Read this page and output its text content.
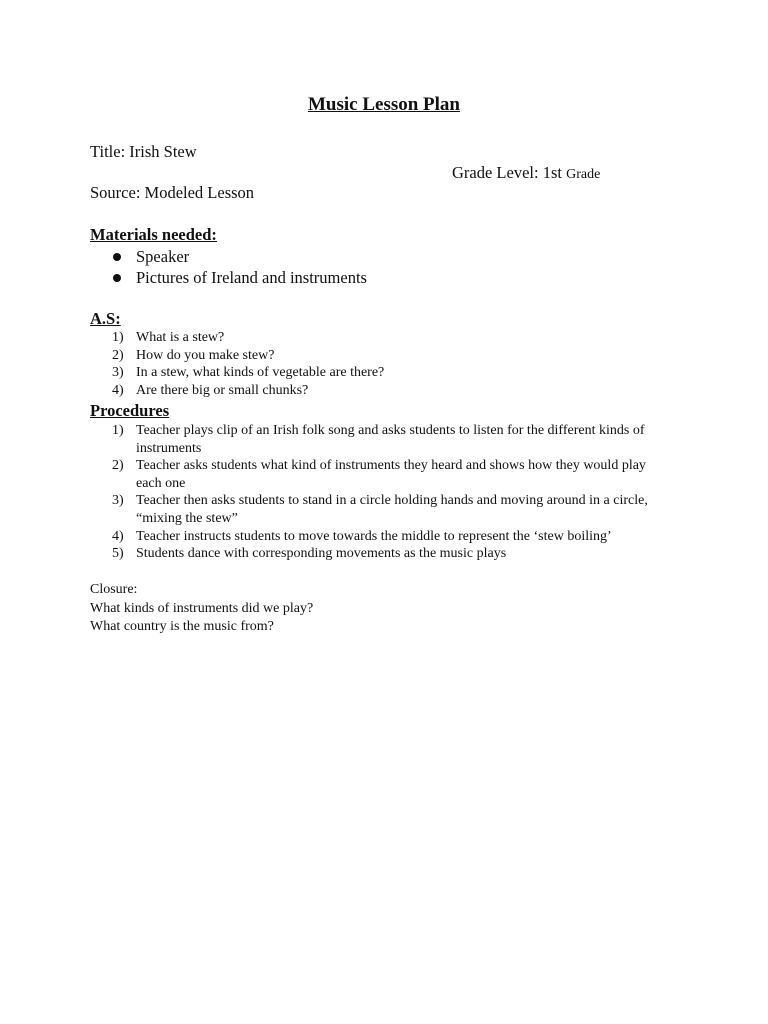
Music Lesson Plan
Title: Irish Stew
Grade Level: 1st Grade
Source: Modeled Lesson
Materials needed:
Speaker
Pictures of Ireland and instruments
A.S:
1) What is a stew?
2) How do you make stew?
3) In a stew, what kinds of vegetable are there?
4) Are there big or small chunks?
Procedures
1) Teacher plays clip of an Irish folk song and asks students to listen for the different kinds of instruments
2) Teacher asks students what kind of instruments they heard and shows how they would play each one
3) Teacher then asks students to stand in a circle holding hands and moving around in a circle, “mixing the stew”
4) Teacher instructs students to move towards the middle to represent the ‘stew boiling’
5) Students dance with corresponding movements as the music plays
Closure:
What kinds of instruments did we play?
What country is the music from?
